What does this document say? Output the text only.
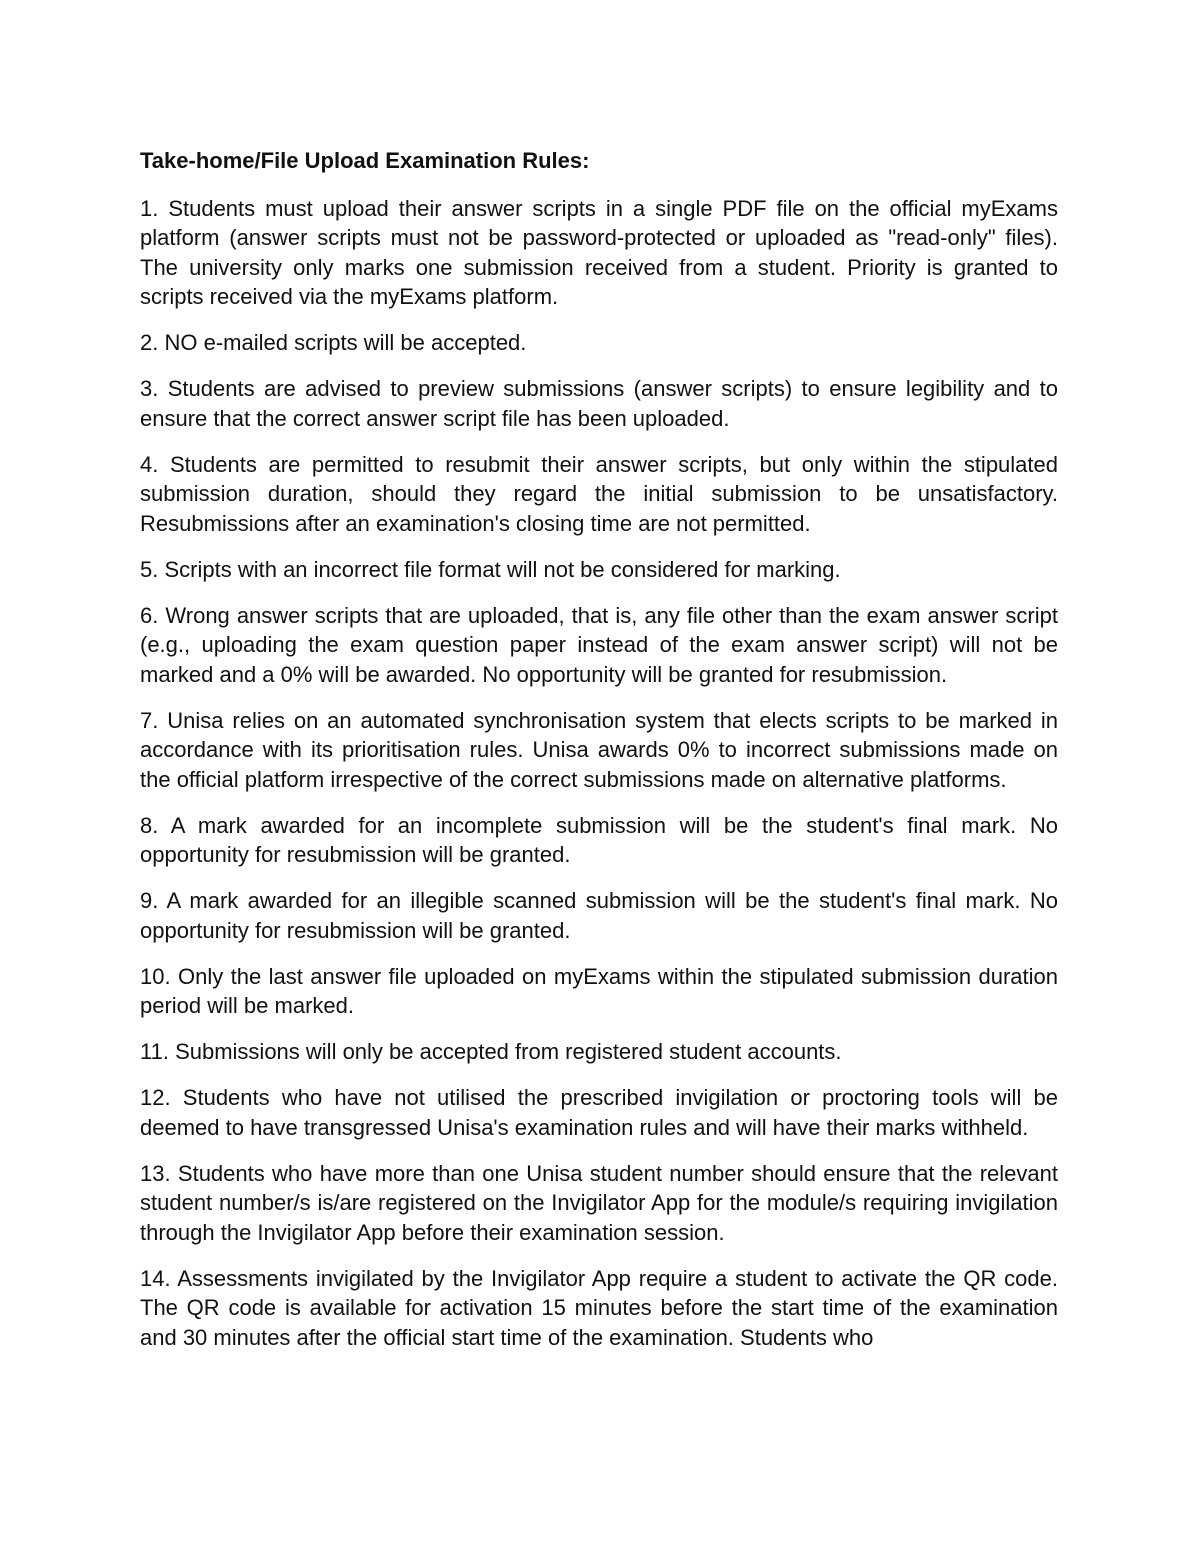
Take-home/File Upload Examination Rules:

1. Students must upload their answer scripts in a single PDF file on the official myExams platform (answer scripts must not be password-protected or uploaded as "read-only" files). The university only marks one submission received from a student. Priority is granted to scripts received via the myExams platform.

2. NO e-mailed scripts will be accepted.

3. Students are advised to preview submissions (answer scripts) to ensure legibility and to ensure that the correct answer script file has been uploaded.

4. Students are permitted to resubmit their answer scripts, but only within the stipulated submission duration, should they regard the initial submission to be unsatisfactory. Resubmissions after an examination's closing time are not permitted.

5. Scripts with an incorrect file format will not be considered for marking.

6. Wrong answer scripts that are uploaded, that is, any file other than the exam answer script (e.g., uploading the exam question paper instead of the exam answer script) will not be marked and a 0% will be awarded. No opportunity will be granted for resubmission.

7. Unisa relies on an automated synchronisation system that elects scripts to be marked in accordance with its prioritisation rules. Unisa awards 0% to incorrect submissions made on the official platform irrespective of the correct submissions made on alternative platforms.

8. A mark awarded for an incomplete submission will be the student's final mark. No opportunity for resubmission will be granted.

9. A mark awarded for an illegible scanned submission will be the student's final mark. No opportunity for resubmission will be granted.

10. Only the last answer file uploaded on myExams within the stipulated submission duration period will be marked.

11. Submissions will only be accepted from registered student accounts.

12. Students who have not utilised the prescribed invigilation or proctoring tools will be deemed to have transgressed Unisa's examination rules and will have their marks withheld.

13. Students who have more than one Unisa student number should ensure that the relevant student number/s is/are registered on the Invigilator App for the module/s requiring invigilation through the Invigilator App before their examination session.

14. Assessments invigilated by the Invigilator App require a student to activate the QR code. The QR code is available for activation 15 minutes before the start time of the examination and 30 minutes after the official start time of the examination. Students who
